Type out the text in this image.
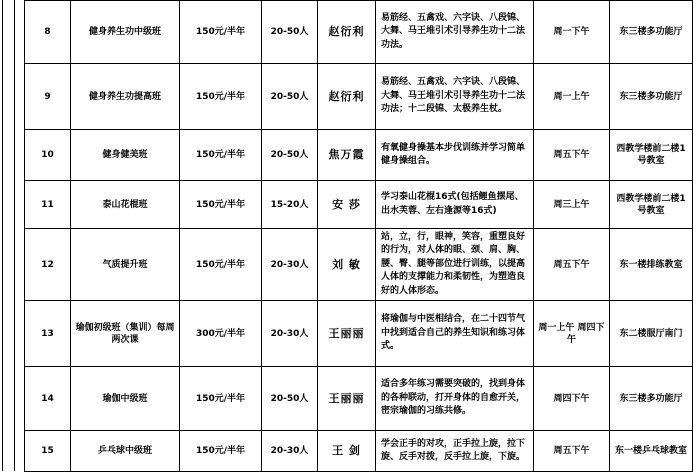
8	健身养生功中级班	150元/半年	20-50人	赵衍利	易筋经、五禽戏、六字诀、八段锦、大舞、马王堆引术引导养生功十二法功法。	周一下午	东三楼多功能厅
9	健身养生功提高班	150元/半年	20-50人	赵衍利	易筋经、五禽戏、六字诀、八段锦、大舞、马王堆引术引导养生功十二法功法；十二段锦、太极养生杖。	周一上午	东三楼多功能厅
10	健身健美班	150元/半年	20-50人	焦万霞	有氧健身操基本步伐训练并学习简单健身操组合。	周五下午	西教学楼前二楼1号教室
11	泰山花棍班	150元/半年	15-20人	安 莎	学习泰山花棍16式(包括鲤鱼摆尾、出水芙蓉、左右逢源等16式)	周三上午	西教学楼前二楼1号教室
12	气质提升班	150元/半年	20-30人	刘 敏	站，立，行，眼神，笑容，重塑良好的行为，对人体的眼、颈、肩、胸、腰、臀、腿等部位进行训练，以提高人体的支撑能力和柔韧性，为塑造良好的人体形态。	周五下午	东一楼排练教室
13	瑜伽初级班（集训）每周两次课	300元/半年	20-30人	王丽丽	将瑜伽与中医相结合，在二十四节气中找到适合自己的养生知识和练习体式。	周一上午 周四下午	东二楼服厅南门
14	瑜伽中级班	150元/半年	20-50人	王丽丽	适合多年练习需要突破的，找到身体的各种联动，打开身体的自愈开关，密宗瑜伽的习练共修。	周四下午	东三楼多功能厅
15	乒乓球中级班	150元/半年	20-30人	王 剑	学会正手的对攻，正手拉上旋，拉下旋、反手对拨，反手拉上旋，下旋。	周五下午	东一楼乒乓球教室
